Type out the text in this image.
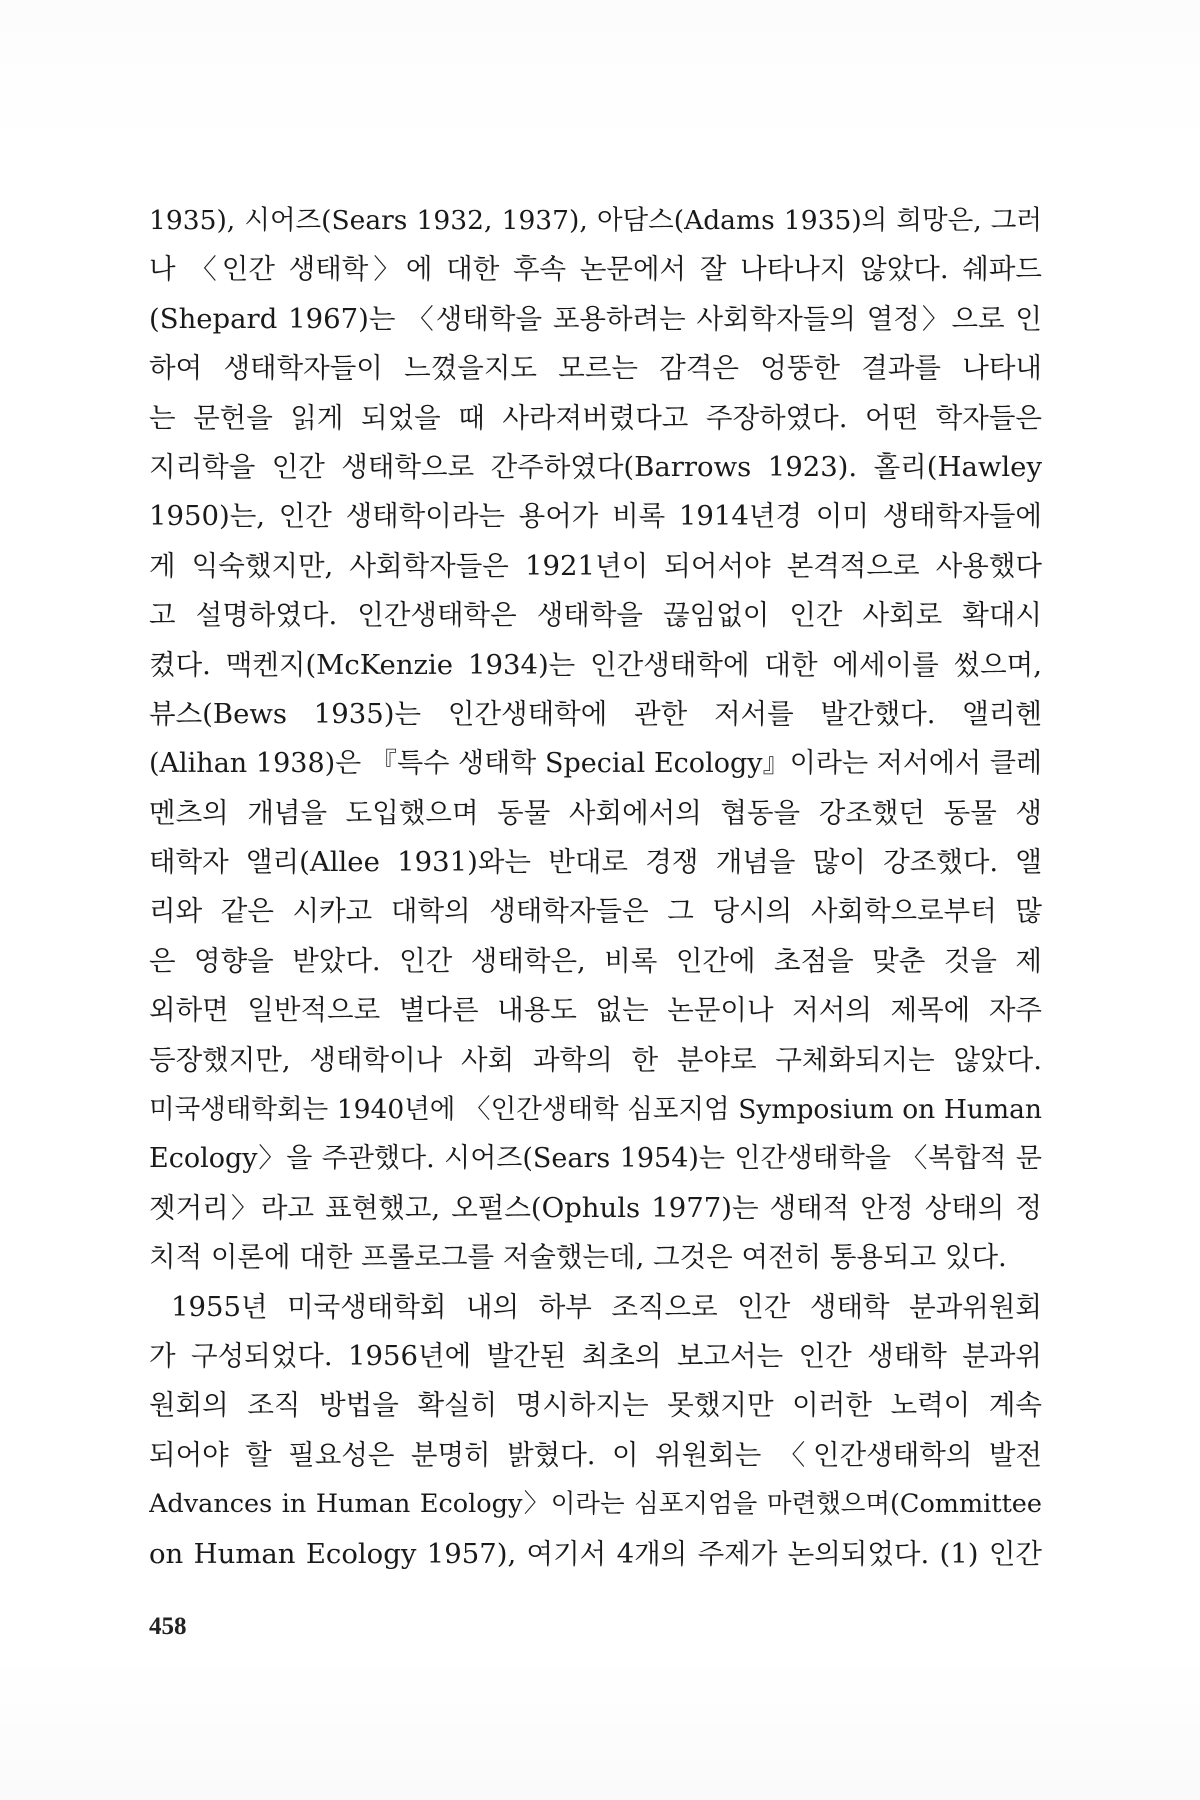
1935), 시어즈(Sears 1932, 1937), 아담스(Adams 1935)의 희망은, 그러
나 〈인간 생태학〉에 대한 후속 논문에서 잘 나타나지 않았다. 쉐파드
(Shepard 1967)는 〈생태학을 포용하려는 사회학자들의 열정〉으로 인
하여 생태학자들이 느꼈을지도 모르는 감격은 엉뚱한 결과를 나타내
는 문헌을 읽게 되었을 때 사라져버렸다고 주장하였다. 어떤 학자들은
지리학을 인간 생태학으로 간주하였다(Barrows 1923). 홀리(Hawley
1950)는, 인간 생태학이라는 용어가 비록 1914년경 이미 생태학자들에
게 익숙했지만, 사회학자들은 1921년이 되어서야 본격적으로 사용했다
고 설명하였다. 인간생태학은 생태학을 끊임없이 인간 사회로 확대시
켰다. 맥켄지(McKenzie 1934)는 인간생태학에 대한 에세이를 썼으며,
뷰스(Bews 1935)는 인간생태학에 관한 저서를 발간했다. 앨리헨
(Alihan 1938)은 『특수 생태학 Special Ecology』이라는 저서에서 클레
멘츠의 개념을 도입했으며 동물 사회에서의 협동을 강조했던 동물 생
태학자 앨리(Allee 1931)와는 반대로 경쟁 개념을 많이 강조했다. 앨
리와 같은 시카고 대학의 생태학자들은 그 당시의 사회학으로부터 많
은 영향을 받았다. 인간 생태학은, 비록 인간에 초점을 맞춘 것을 제
외하면 일반적으로 별다른 내용도 없는 논문이나 저서의 제목에 자주
등장했지만, 생태학이나 사회 과학의 한 분야로 구체화되지는 않았다.
미국생태학회는 1940년에 〈인간생태학 심포지엄 Symposium on Human
Ecology〉을 주관했다. 시어즈(Sears 1954)는 인간생태학을 〈복합적 문
젯거리〉라고 표현했고, 오펄스(Ophuls 1977)는 생태적 안정 상태의 정
치적 이론에 대한 프롤로그를 저술했는데, 그것은 여전히 통용되고 있다.
1955년 미국생태학회 내의 하부 조직으로 인간 생태학 분과위원회
가 구성되었다. 1956년에 발간된 최초의 보고서는 인간 생태학 분과위
원회의 조직 방법을 확실히 명시하지는 못했지만 이러한 노력이 계속
되어야 할 필요성은 분명히 밝혔다. 이 위원회는 〈인간생태학의 발전
Advances in Human Ecology〉이라는 심포지엄을 마련했으며(Committee
on Human Ecology 1957), 여기서 4개의 주제가 논의되었다. (1) 인간
458
